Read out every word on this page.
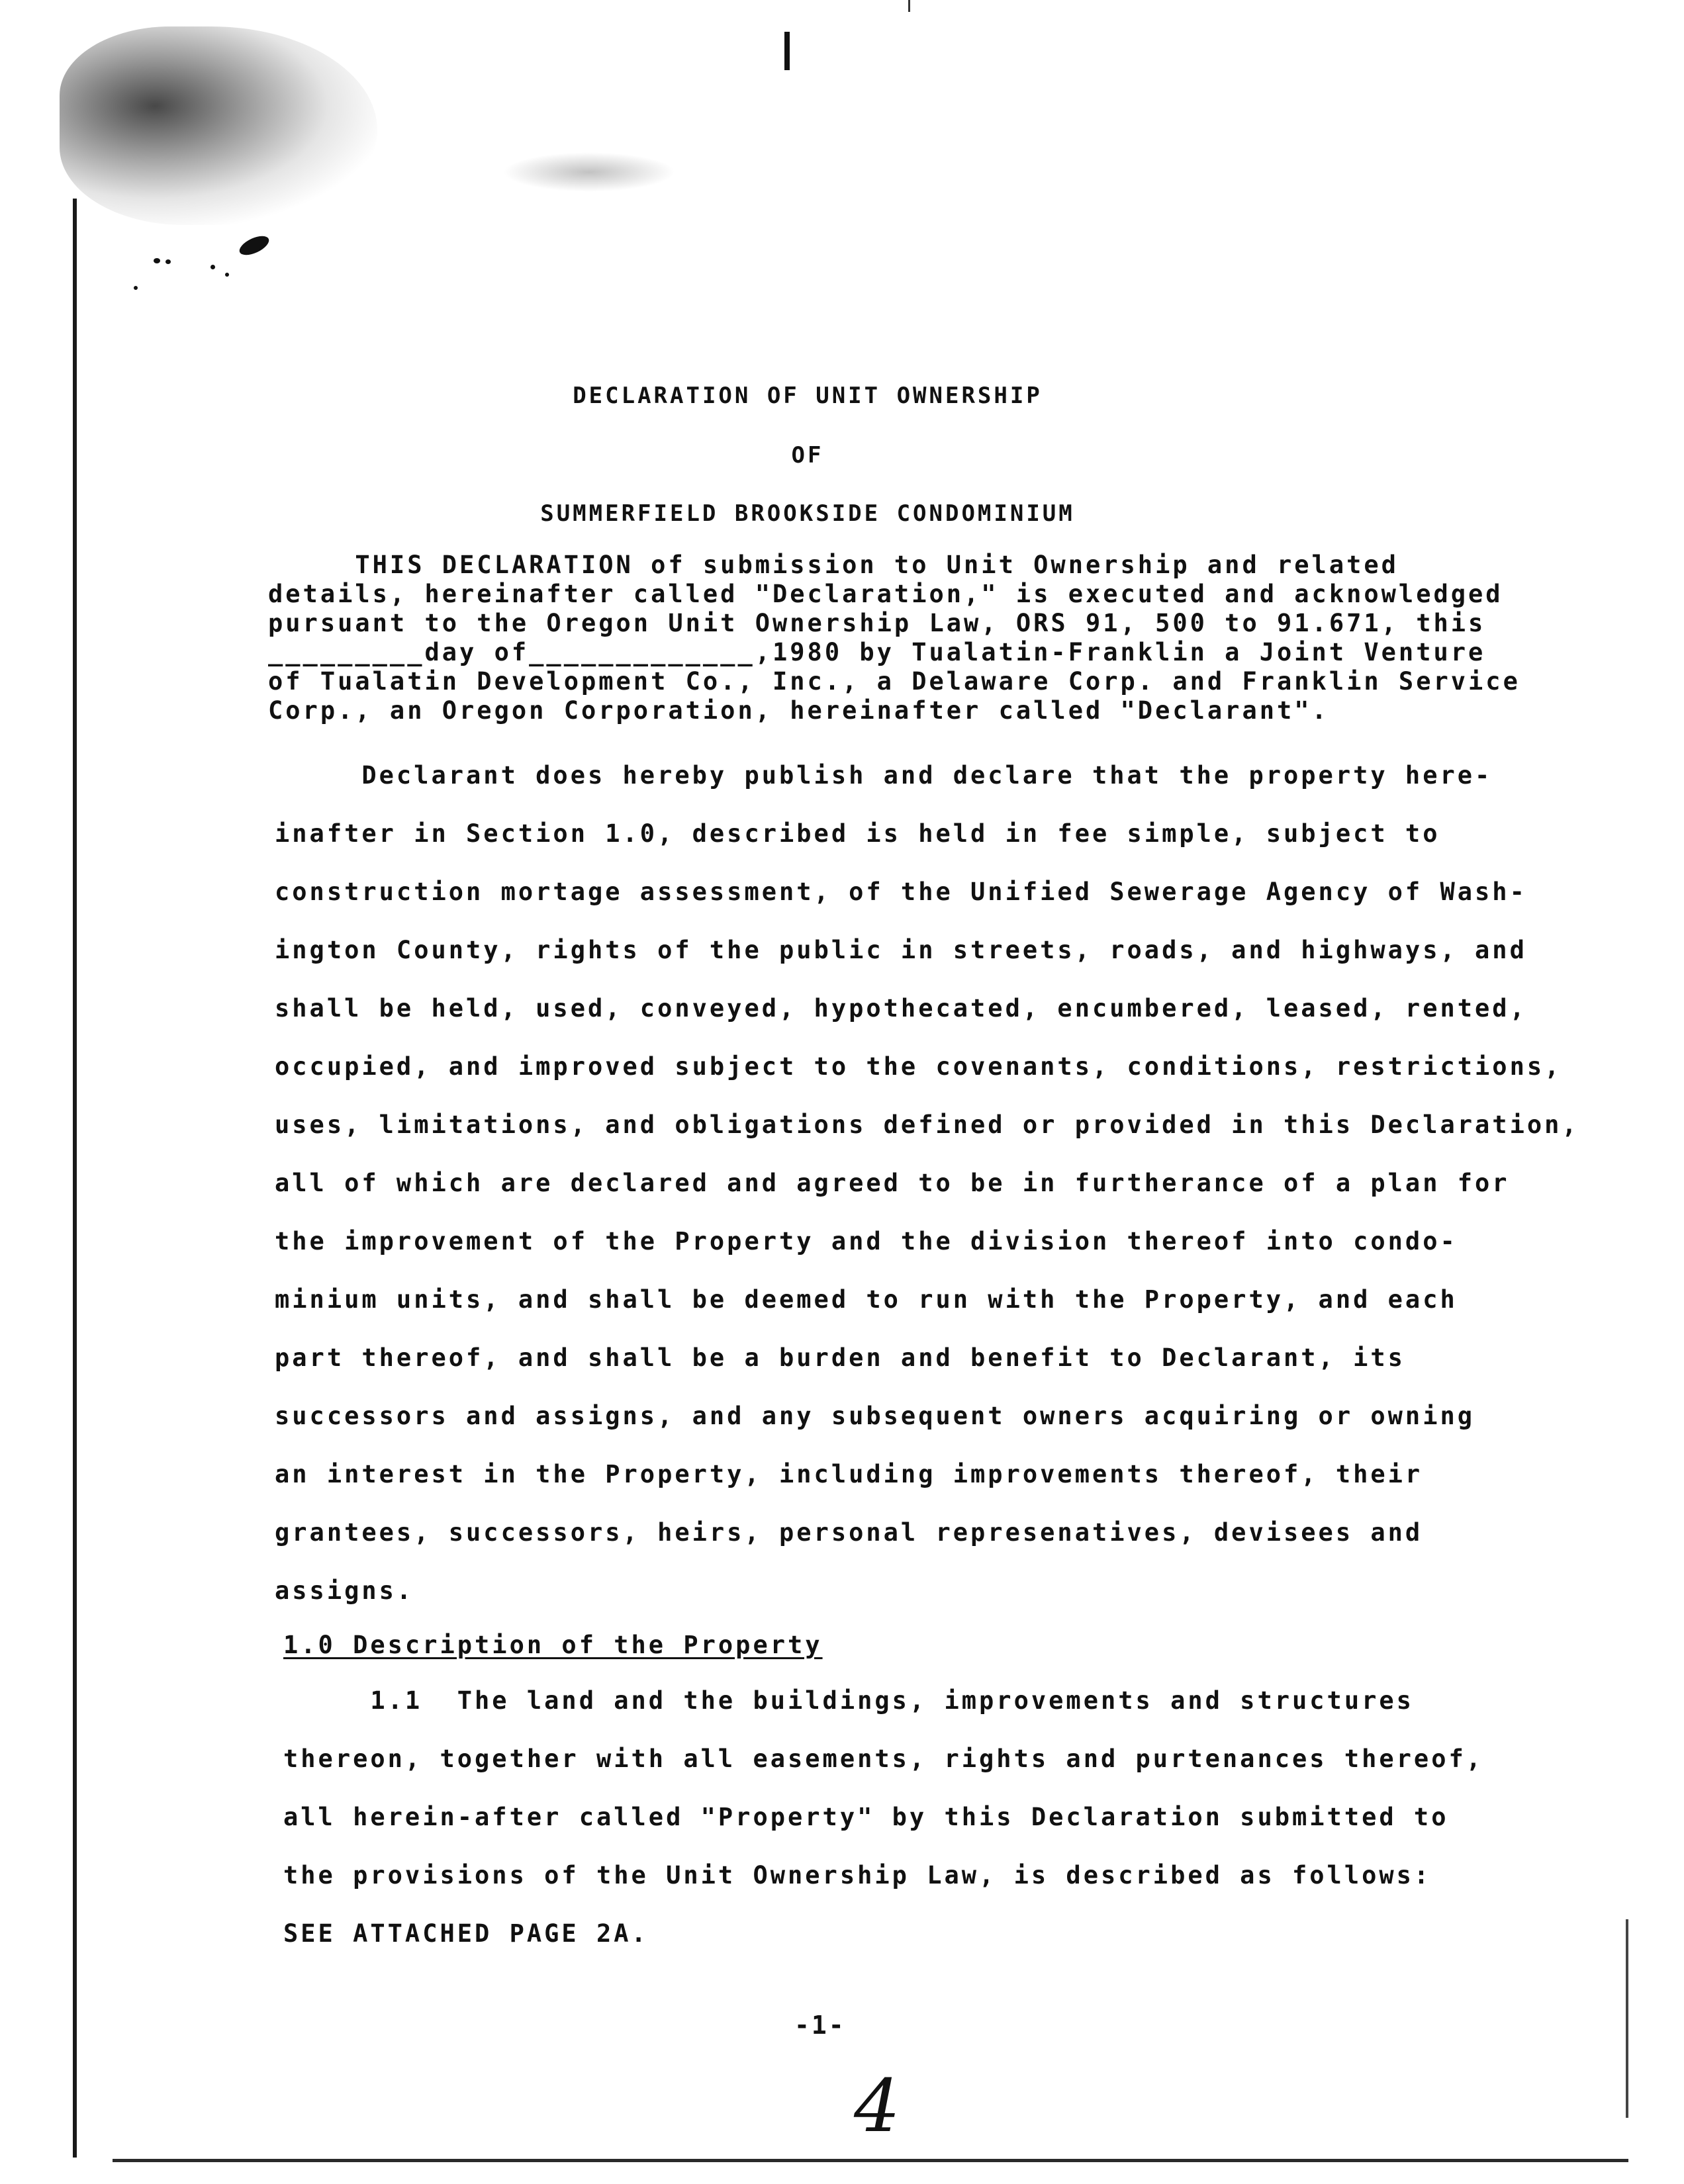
DECLARATION OF UNIT OWNERSHIP
OF
SUMMERFIELD BROOKSIDE CONDOMINIUM
THIS DECLARATION of submission to Unit Ownership and related
details, hereinafter called "Declaration," is executed and acknowledged
pursuant to the Oregon Unit Ownership Law, ORS 91, 500 to 91.671, this
_________day of_____________,1980 by Tualatin-Franklin a Joint Venture
of Tualatin Development Co., Inc., a Delaware Corp. and Franklin Service
Corp., an Oregon Corporation, hereinafter called "Declarant".
Declarant does hereby publish and declare that the property here-
inafter in Section 1.0, described is held in fee simple, subject to
construction mortage assessment, of the Unified Sewerage Agency of Wash-
ington County, rights of the public in streets, roads, and highways, and
shall be held, used, conveyed, hypothecated, encumbered, leased, rented,
occupied, and improved subject to the covenants, conditions, restrictions,
uses, limitations, and obligations defined or provided in this Declaration,
all of which are declared and agreed to be in furtherance of a plan for
the improvement of the Property and the division thereof into condo-
minium units, and shall be deemed to run with the Property, and each
part thereof, and shall be a burden and benefit to Declarant, its
successors and assigns, and any subsequent owners acquiring or owning
an interest in the Property, including improvements thereof, their
grantees, successors, heirs, personal represenatives, devisees and
assigns.
1.0 Description of the Property
1.1  The land and the buildings, improvements and structures
thereon, together with all easements, rights and purtenances thereof,
all herein-after called "Property" by this Declaration submitted to
the provisions of the Unit Ownership Law, is described as follows:
SEE ATTACHED PAGE 2A.
-1-
4
